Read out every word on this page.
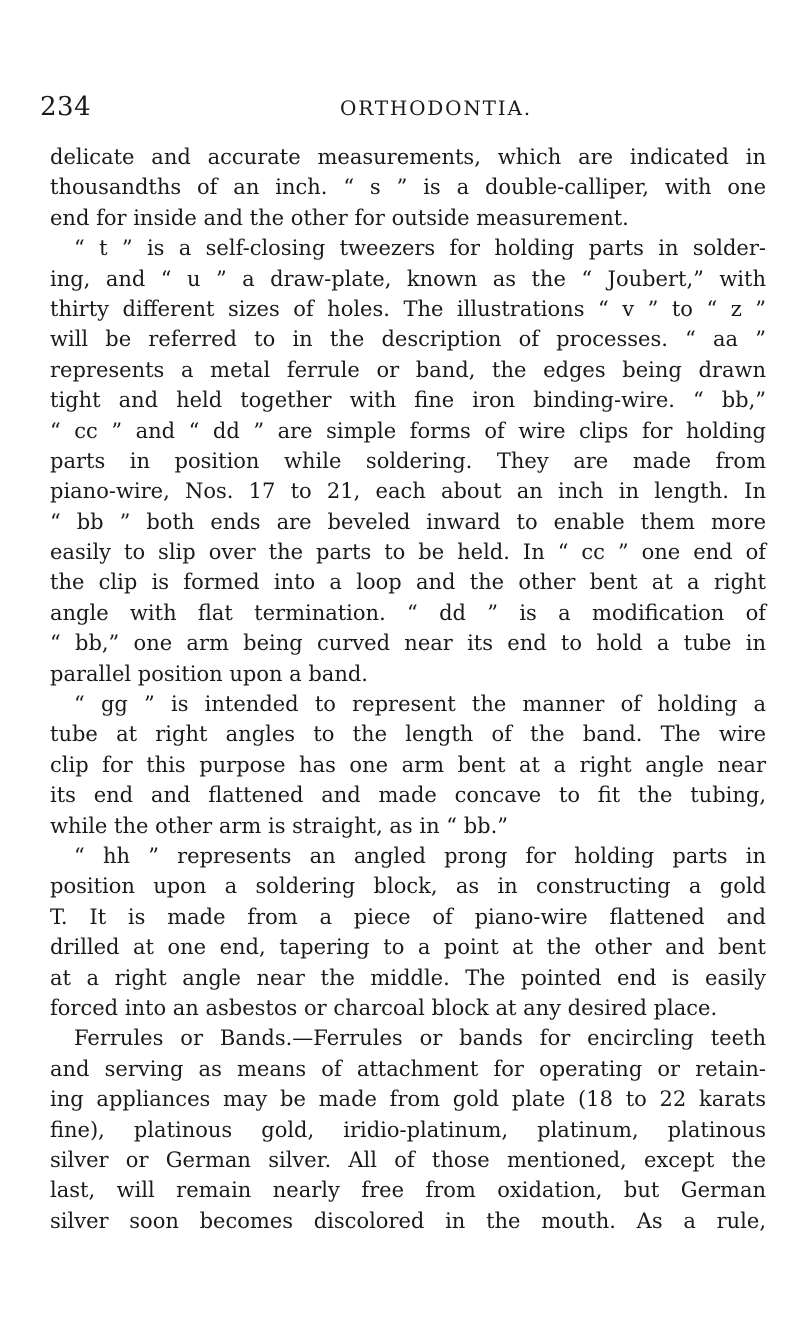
234	ORTHODONTIA.
delicate and accurate measurements, which are indicated in
thousandths of an inch. “ s ” is a double-calliper, with one
end for inside and the other for outside measurement.
“ t ” is a self-closing tweezers for holding parts in solder-
ing, and “ u ” a draw-plate, known as the “ Joubert,” with
thirty different sizes of holes. The illustrations “ v ” to “ z ”
will be referred to in the description of processes. “ aa ”
represents a metal ferrule or band, the edges being drawn
tight and held together with fine iron binding-wire. “ bb,”
“ cc ” and “ dd ” are simple forms of wire clips for holding
parts in position while soldering. They are made from
piano-wire, Nos. 17 to 21, each about an inch in length. In
“ bb ” both ends are beveled inward to enable them more
easily to slip over the parts to be held. In “ cc ” one end of
the clip is formed into a loop and the other bent at a right
angle with flat termination. “ dd ” is a modification of
“ bb,” one arm being curved near its end to hold a tube in
parallel position upon a band.
“ gg ” is intended to represent the manner of holding a
tube at right angles to the length of the band. The wire
clip for this purpose has one arm bent at a right angle near
its end and flattened and made concave to fit the tubing,
while the other arm is straight, as in “ bb.”
“ hh ” represents an angled prong for holding parts in
position upon a soldering block, as in constructing a gold
T. It is made from a piece of piano-wire flattened and
drilled at one end, tapering to a point at the other and bent
at a right angle near the middle. The pointed end is easily
forced into an asbestos or charcoal block at any desired place.
Ferrules or Bands.—Ferrules or bands for encircling teeth
and serving as means of attachment for operating or retain-
ing appliances may be made from gold plate (18 to 22 karats
fine), platinous gold, iridio-platinum, platinum, platinous
silver or German silver. All of those mentioned, except the
last, will remain nearly free from oxidation, but German
silver soon becomes discolored in the mouth. As a rule,
